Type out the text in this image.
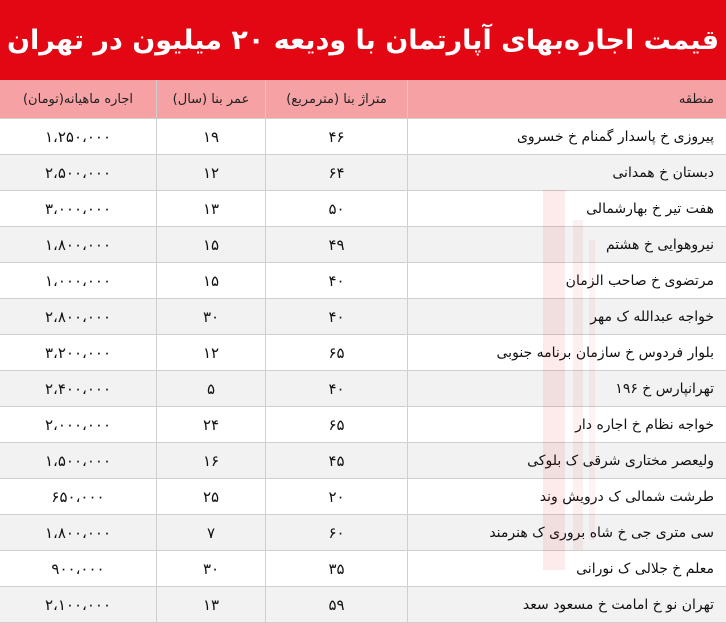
قیمت اجاره‌بهای آپارتمان با ودیعه ۲۰ میلیون در تهران
منطقه
متراژ بنا (مترمربع)
عمر بنا (سال)
اجاره ماهیانه(تومان)
پیروزی خ پاسدار گمنام خ خسروی
۴۶
۱۹
۱،۲۵۰،۰۰۰
دبستان خ همدانی
۶۴
۱۲
۲،۵۰۰،۰۰۰
هفت تیر خ بهارشمالی
۵۰
۱۳
۳،۰۰۰،۰۰۰
نیروهوایی خ هشتم
۴۹
۱۵
۱،۸۰۰،۰۰۰
مرتضوی خ صاحب الزمان
۴۰
۱۵
۱،۰۰۰،۰۰۰
خواجه عبدالله ک مهر
۴۰
۳۰
۲،۸۰۰،۰۰۰
بلوار فردوس خ سازمان برنامه جنوبی
۶۵
۱۲
۳،۲۰۰،۰۰۰
تهرانپارس خ ۱۹۶
۴۰
۵
۲،۴۰۰،۰۰۰
خواجه نظام خ اجاره دار
۶۵
۲۴
۲،۰۰۰،۰۰۰
ولیعصر مختاری شرقی ک بلوکی
۴۵
۱۶
۱،۵۰۰،۰۰۰
طرشت شمالی ک درویش وند
۲۰
۲۵
۶۵۰،۰۰۰
سی متری جی خ شاه بروری ک هنرمند
۶۰
۷
۱،۸۰۰،۰۰۰
معلم خ جلالی ک نورانی
۳۵
۳۰
۹۰۰،۰۰۰
تهران نو خ امامت خ مسعود سعد
۵۹
۱۳
۲،۱۰۰،۰۰۰
